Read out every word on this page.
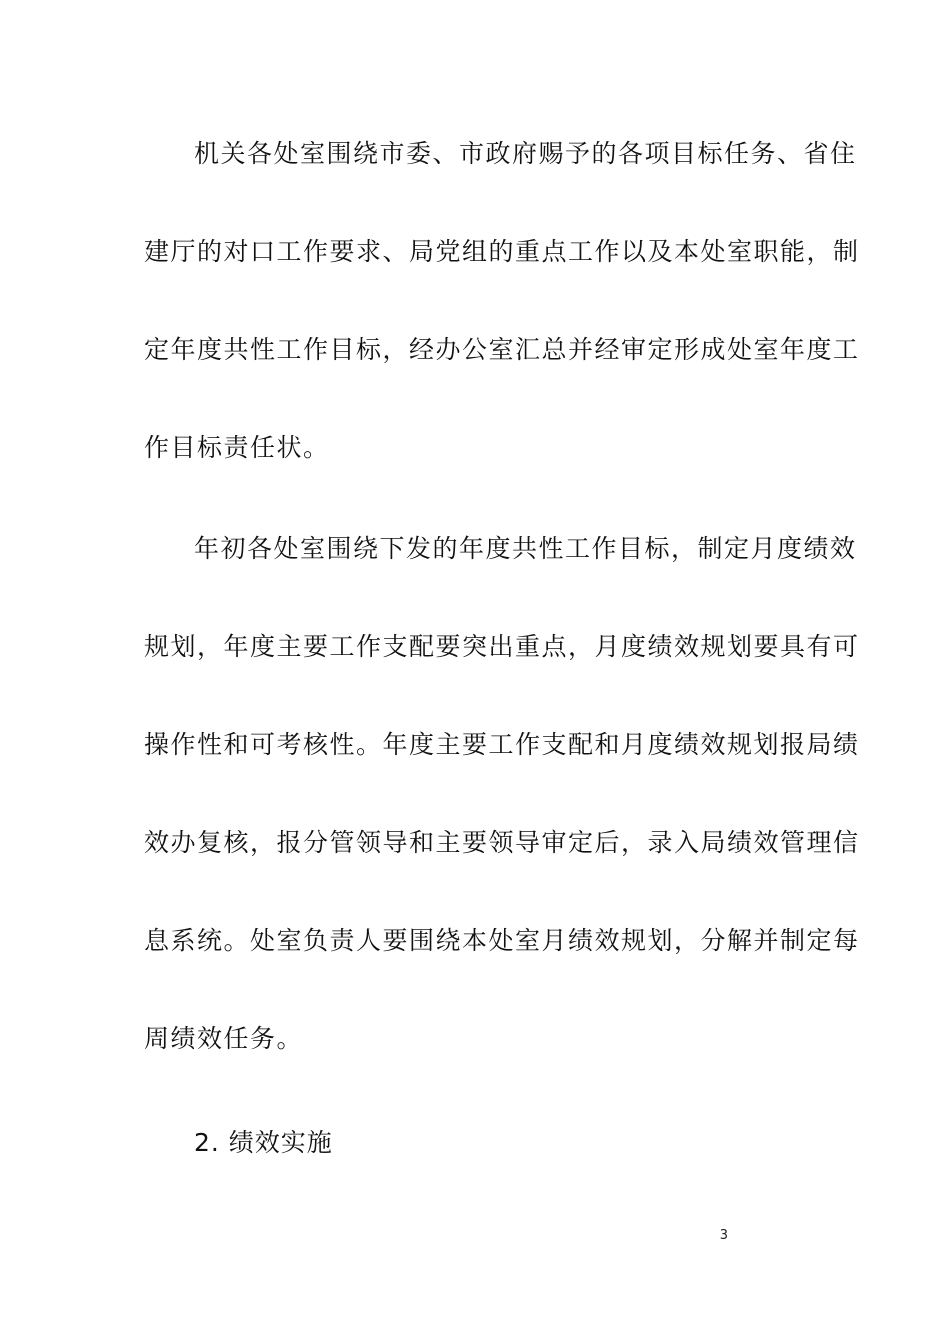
机关各处室围绕市委、市政府赐予的各项目标任务、省住
建厅的对口工作要求、局党组的重点工作以及本处室职能，制
定年度共性工作目标，经办公室汇总并经审定形成处室年度工
作目标责任状。
年初各处室围绕下发的年度共性工作目标，制定月度绩效
规划，年度主要工作支配要突出重点，月度绩效规划要具有可
操作性和可考核性。年度主要工作支配和月度绩效规划报局绩
效办复核，报分管领导和主要领导审定后，录入局绩效管理信
息系统。处室负责人要围绕本处室月绩效规划，分解并制定每
周绩效任务。
2. 绩效实施
3
